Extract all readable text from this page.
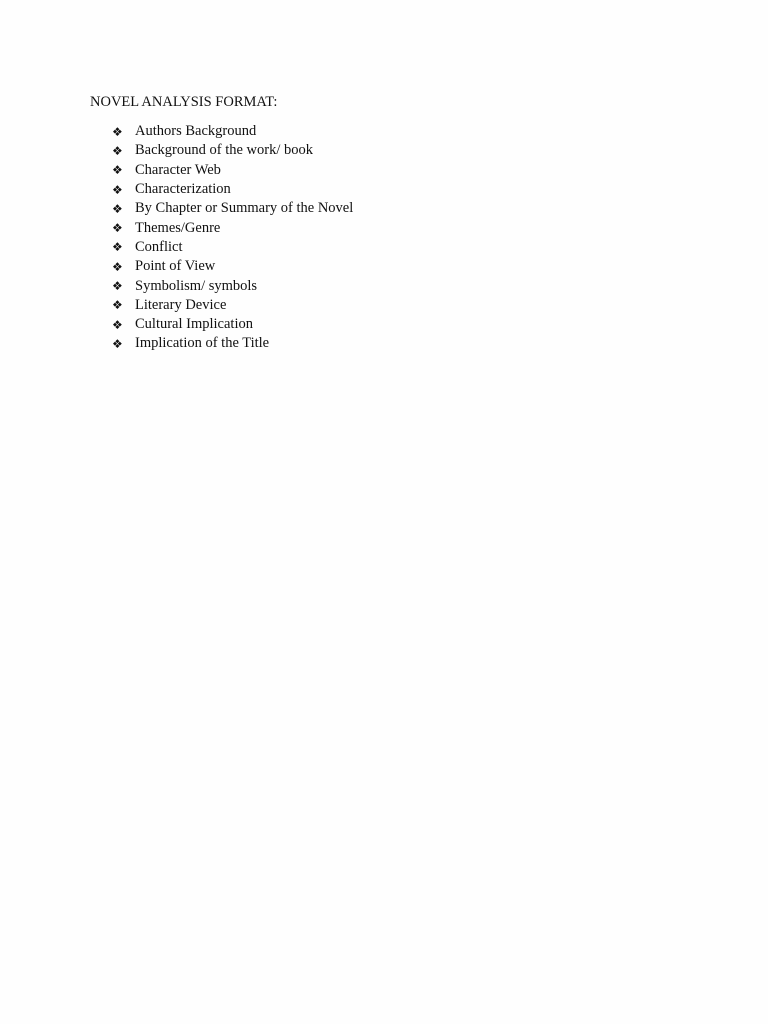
NOVEL ANALYSIS FORMAT:
❖ Authors Background
❖ Background of the work/ book
❖ Character Web
❖ Characterization
❖ By Chapter or Summary of the Novel
❖ Themes/Genre
❖ Conflict
❖ Point of View
❖ Symbolism/ symbols
❖ Literary Device
❖ Cultural Implication
❖ Implication of the Title
